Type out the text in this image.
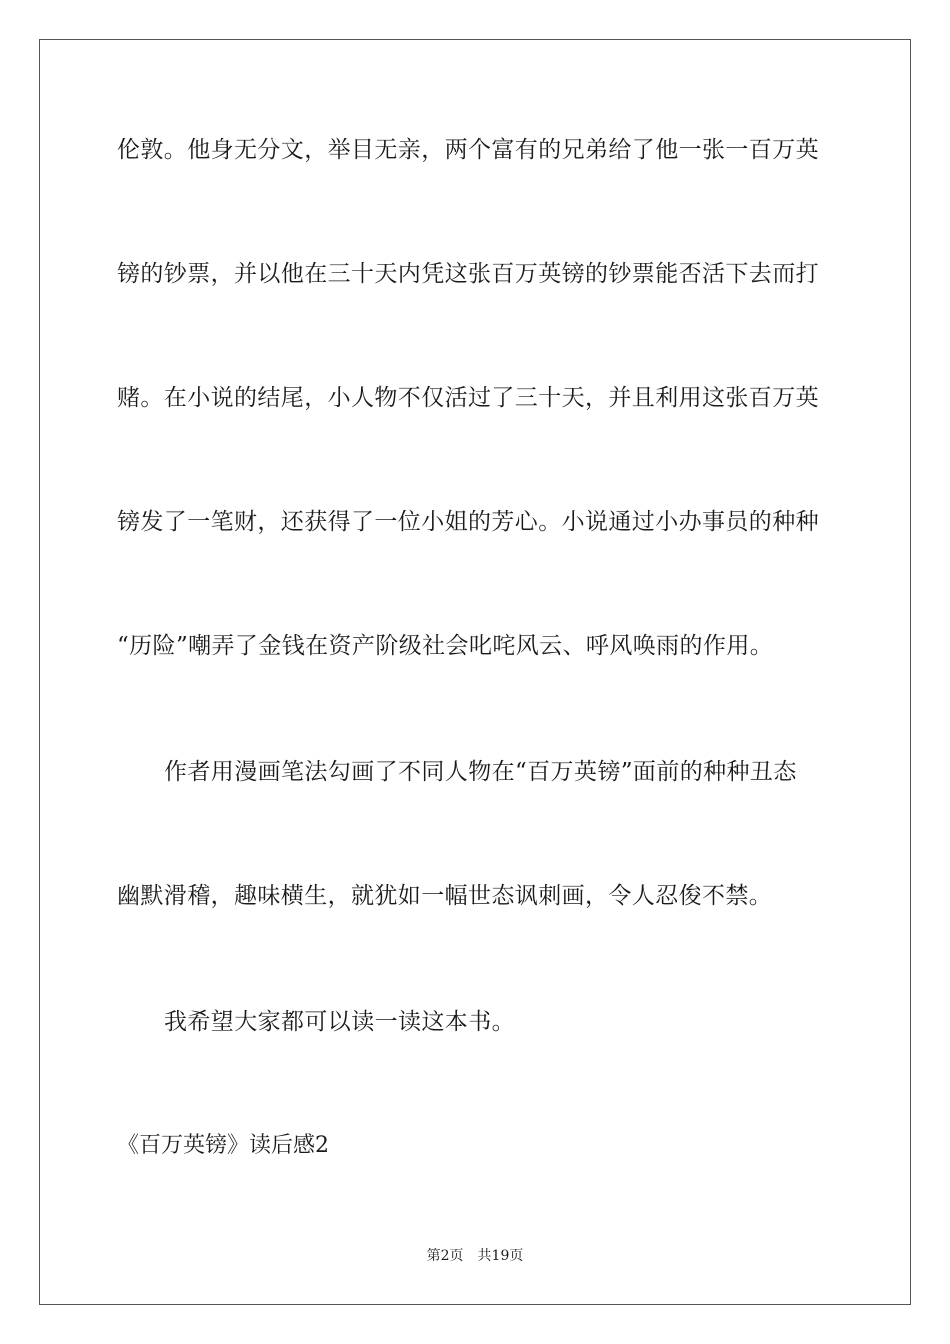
伦敦。他身无分文，举目无亲，两个富有的兄弟给了他一张一百万英
镑的钞票，并以他在三十天内凭这张百万英镑的钞票能否活下去而打
赌。在小说的结尾，小人物不仅活过了三十天，并且利用这张百万英
镑发了一笔财，还获得了一位小姐的芳心。小说通过小办事员的种种
“历险”嘲弄了金钱在资产阶级社会叱咤风云、呼风唤雨的作用。
作者用漫画笔法勾画了不同人物在“百万英镑”面前的种种丑态
幽默滑稽，趣味横生，就犹如一幅世态讽刺画，令人忍俊不禁。
我希望大家都可以读一读这本书。
《百万英镑》读后感2
第2页 共19页
